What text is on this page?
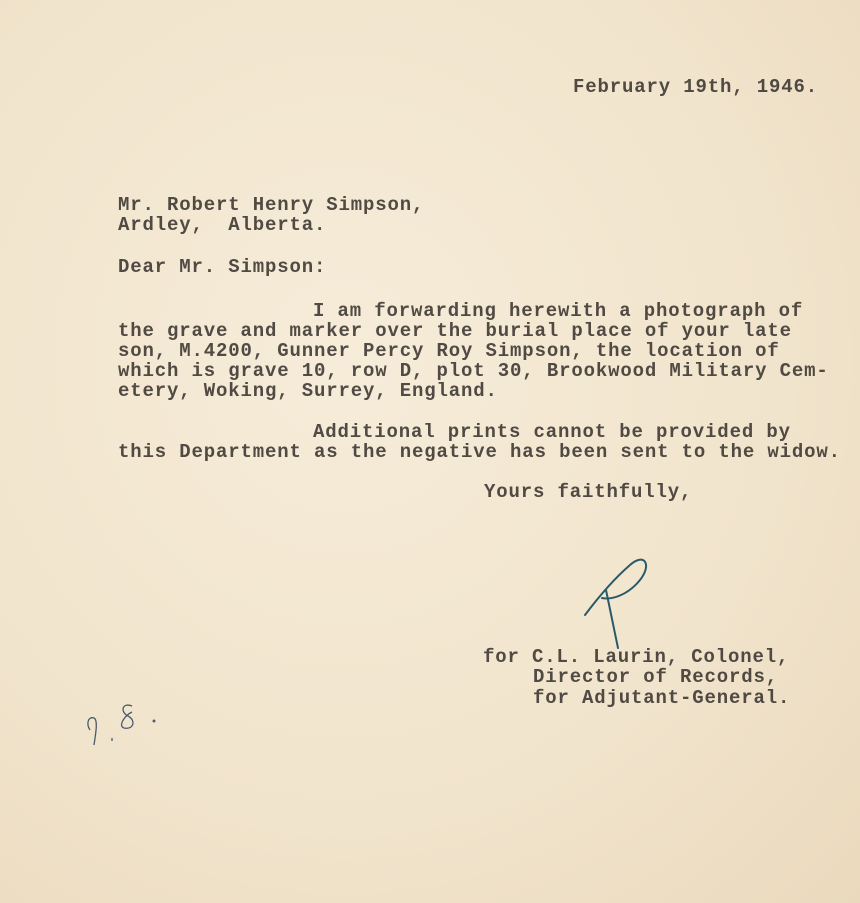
February 19th, 1946.
Mr. Robert Henry Simpson,
Ardley,  Alberta.
Dear Mr. Simpson:
I am forwarding herewith a photograph of
the grave and marker over the burial place of your late
son, M.4200, Gunner Percy Roy Simpson, the location of
which is grave 10, row D, plot 30, Brookwood Military Cem-
etery, Woking, Surrey, England.
Additional prints cannot be provided by
this Department as the negative has been sent to the widow.
Yours faithfully,
for C.L. Laurin, Colonel,
Director of Records,
for Adjutant-General.
